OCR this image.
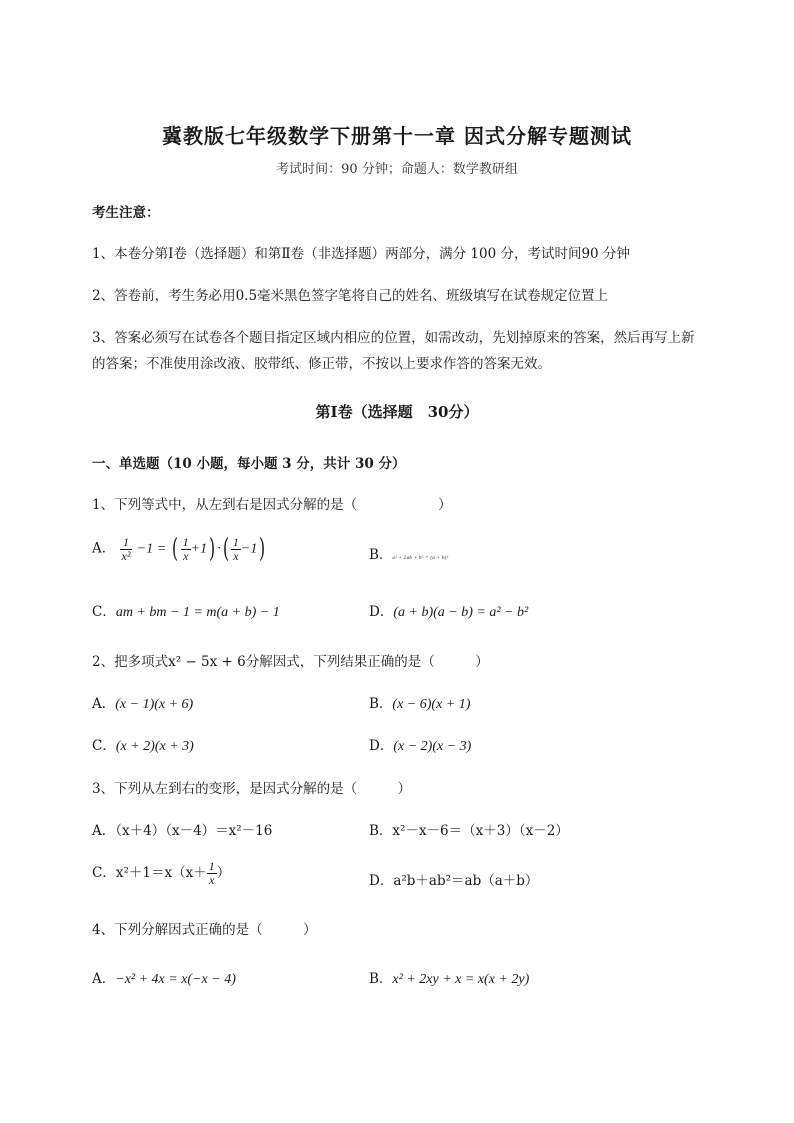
冀教版七年级数学下册第十一章 因式分解专题测试
考试时间：90 分钟；命题人：数学教研组
考生注意：
1、本卷分第Ⅰ卷（选择题）和第Ⅱ卷（非选择题）两部分，满分 100 分，考试时间90 分钟
2、答卷前，考生务必用0.5毫米黑色签字笔将自己的姓名、班级填写在试卷规定位置上
3、答案必须写在试卷各个题目指定区域内相应的位置，如需改动，先划掉原来的答案，然后再写上新
的答案；不准使用涂改液、胶带纸、修正带，不按以上要求作答的答案无效。
第Ⅰ卷（选择题　30分）
一、单选题（10 小题，每小题 3 分，共计 30 分）
1、下列等式中，从左到右是因式分解的是（　　　　　　）
A． $\frac{1}{\text{x²}} -1$ = ( $\frac{1}{x} +1$) ·( $\frac{1}{x} -1$)	B．a² + 2ab + b² = (a + b)²
C．am + bm − 1 = m(a + b) − 1	D．(a + b)(a − b) = a² − b²
2、把多项式x² − 5x + 6分解因式，下列结果正确的是（　　　）
A．(x − 1)(x + 6)	B．(x − 6)(x + 1)
C．(x + 2)(x + 3)	D．(x − 2)(x − 3)
3、下列从左到右的变形，是因式分解的是（　　　）
A．（x＋4）（x－4）＝x²－16	B．x²－x－6＝（x＋3）（x－2）
C．$x^2+1=x(x+ \frac{1}{x}$ ）	D．a²b＋ab²＝ab（a＋b）
4、下列分解因式正确的是（　　　）
A．−x² + 4x = x(−x − 4)	B．x² + 2xy + x = x(x + 2y)
